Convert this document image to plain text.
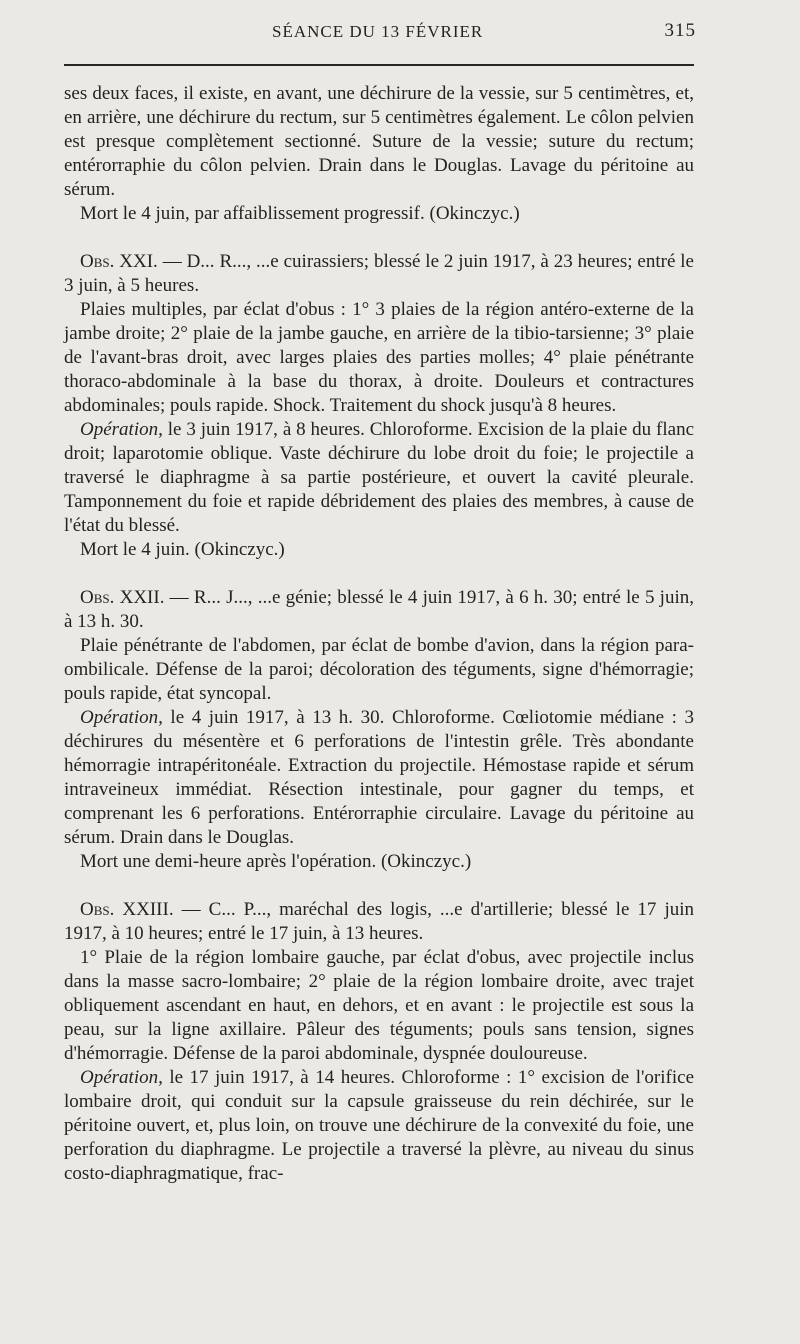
SÉANCE DU 13 FÉVRIER	315

ses deux faces, il existe, en avant, une déchirure de la vessie, sur 5 centimètres, et, en arrière, une déchirure du rectum, sur 5 centimètres également. Le côlon pelvien est presque complètement sectionné. Suture de la vessie; suture du rectum; entérorraphie du côlon pelvien. Drain dans le Douglas. Lavage du péritoine au sérum.

Mort le 4 juin, par affaiblissement progressif. (Okinczyc.)

Obs. XXI. — D... R..., ...e cuirassiers; blessé le 2 juin 1917, à 23 heures; entré le 3 juin, à 5 heures.

Plaies multiples, par éclat d'obus : 1° 3 plaies de la région antéro-externe de la jambe droite; 2° plaie de la jambe gauche, en arrière de la tibio-tarsienne; 3° plaie de l'avant-bras droit, avec larges plaies des parties molles; 4° plaie pénétrante thoraco-abdominale à la base du thorax, à droite. Douleurs et contractures abdominales; pouls rapide. Shock. Traitement du shock jusqu'à 8 heures.

Opération, le 3 juin 1917, à 8 heures. Chloroforme. Excision de la plaie du flanc droit; laparotomie oblique. Vaste déchirure du lobe droit du foie; le projectile a traversé le diaphragme à sa partie postérieure, et ouvert la cavité pleurale. Tamponnement du foie et rapide débridement des plaies des membres, à cause de l'état du blessé.

Mort le 4 juin. (Okinczyc.)

Obs. XXII. — R... J..., ...e génie; blessé le 4 juin 1917, à 6 h. 30; entré le 5 juin, à 13 h. 30.

Plaie pénétrante de l'abdomen, par éclat de bombe d'avion, dans la région para-ombilicale. Défense de la paroi; décoloration des téguments, signe d'hémorragie; pouls rapide, état syncopal.

Opération, le 4 juin 1917, à 13 h. 30. Chloroforme. Cœliotomie médiane : 3 déchirures du mésentère et 6 perforations de l'intestin grêle. Très abondante hémorragie intrapéritonéale. Extraction du projectile. Hémostase rapide et sérum intraveineux immédiat. Résection intestinale, pour gagner du temps, et comprenant les 6 perforations. Entérorraphie circulaire. Lavage du péritoine au sérum. Drain dans le Douglas.

Mort une demi-heure après l'opération. (Okinczyc.)

Obs. XXIII. — C... P..., maréchal des logis, ...e d'artillerie; blessé le 17 juin 1917, à 10 heures; entré le 17 juin, à 13 heures.

1° Plaie de la région lombaire gauche, par éclat d'obus, avec projectile inclus dans la masse sacro-lombaire; 2° plaie de la région lombaire droite, avec trajet obliquement ascendant en haut, en dehors, et en avant : le projectile est sous la peau, sur la ligne axillaire. Pâleur des téguments; pouls sans tension, signes d'hémorragie. Défense de la paroi abdominale, dyspnée douloureuse.

Opération, le 17 juin 1917, à 14 heures. Chloroforme : 1° excision de l'orifice lombaire droit, qui conduit sur la capsule graisseuse du rein déchirée, sur le péritoine ouvert, et, plus loin, on trouve une déchirure de la convexité du foie, une perforation du diaphragme. Le projectile a traversé la plèvre, au niveau du sinus costo-diaphragmatique, frac-
